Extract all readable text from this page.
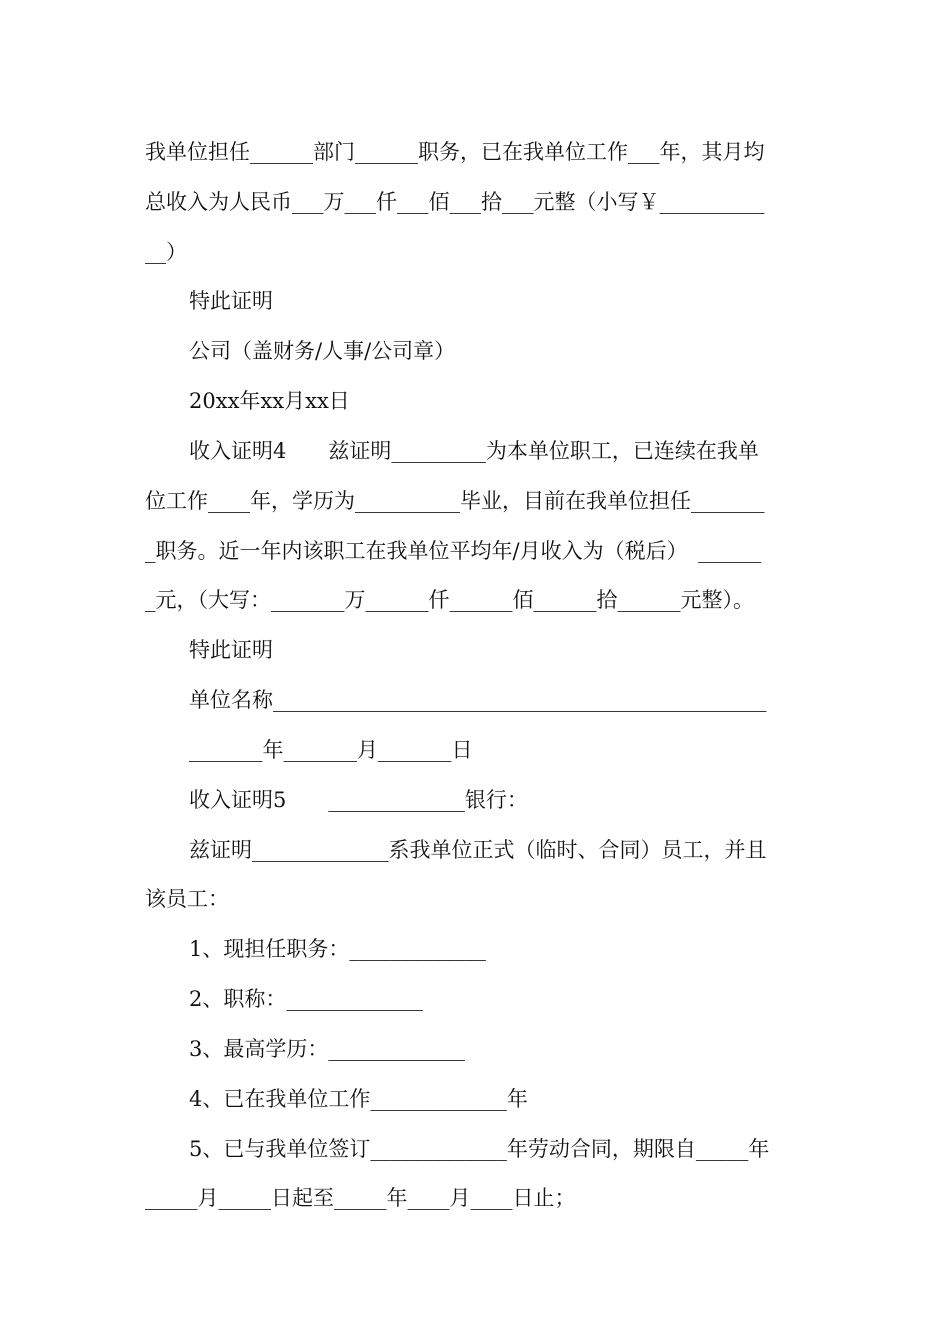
我单位担任______部门______职务，已在我单位工作___年，其月均
总收入为人民币___万___仟___佰___拾___元整（小写￥__________
__）
特此证明
公司（盖财务/人事/公司章）
20xx年xx月xx日
收入证明4　　兹证明_________为本单位职工，已连续在我单
位工作____年，学历为__________毕业，目前在我单位担任_______
_职务。近一年内该职工在我单位平均年/月收入为（税后）　______
_元，（大写：_______万______仟______佰______拾______元整）。
特此证明
单位名称_______________________________________________
_______年_______月_______日
收入证明5　　_____________银行：
兹证明_____________系我单位正式（临时、合同）员工，并且
该员工：
1、现担任职务：_____________
2、职称：_____________
3、最高学历：_____________
4、已在我单位工作_____________年
5、已与我单位签订_____________年劳动合同，期限自_____年
_____月_____日起至_____年____月____日止；
